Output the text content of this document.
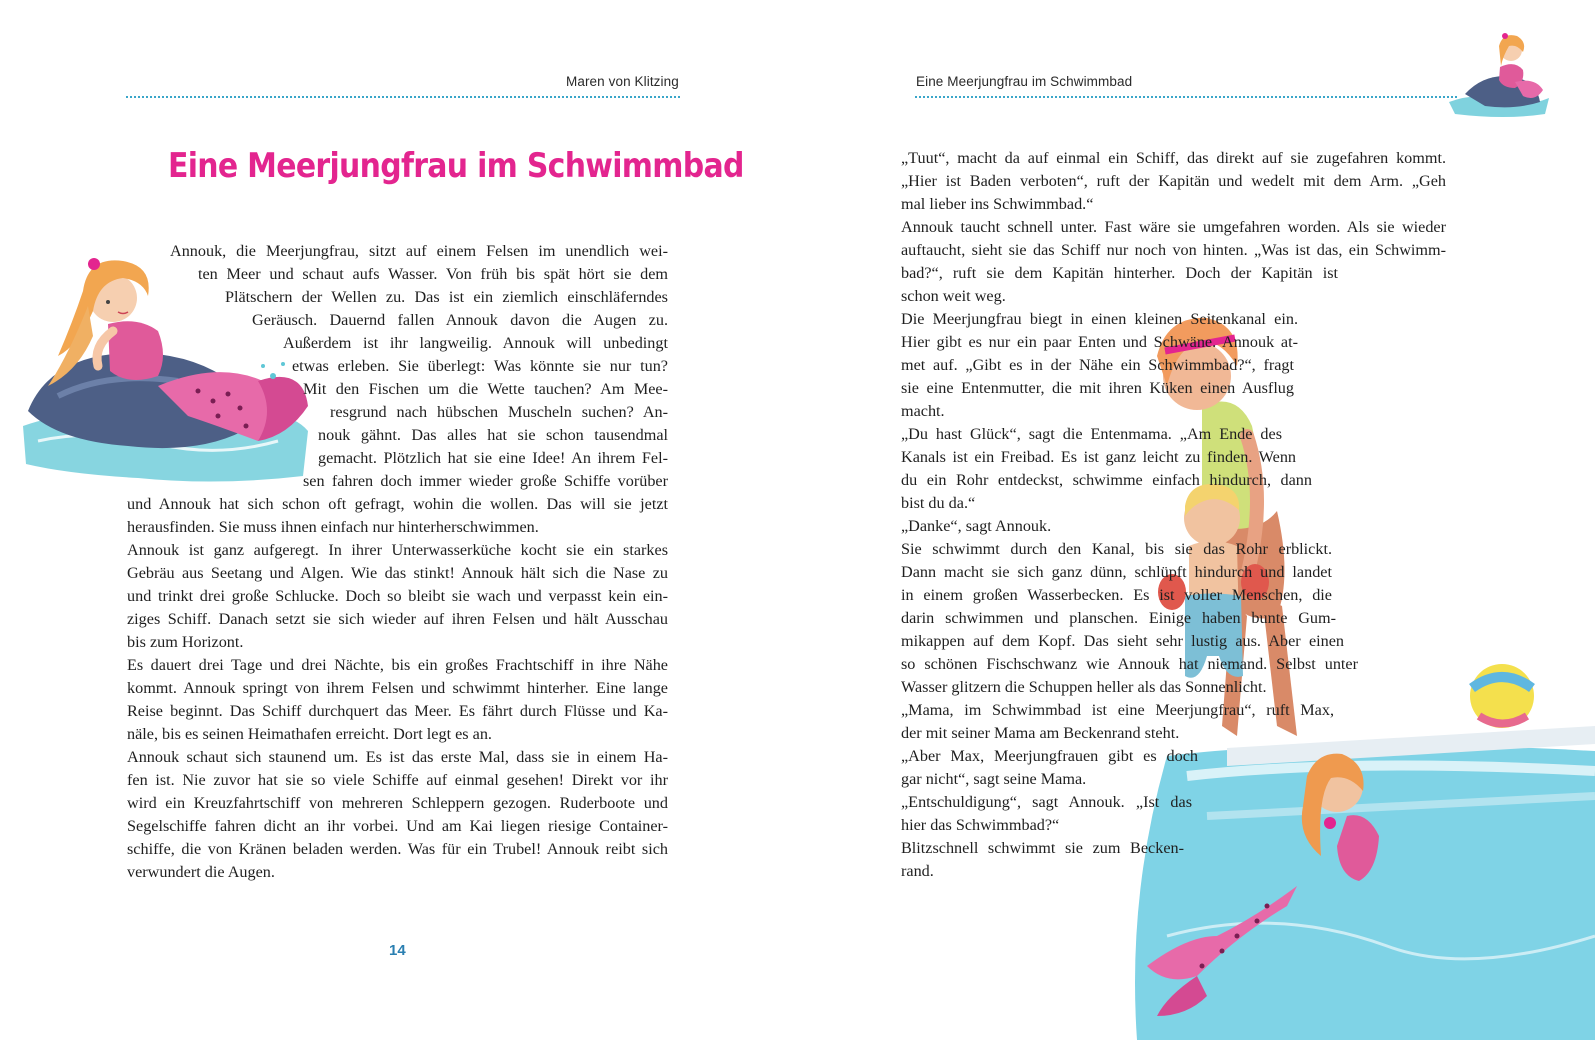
Maren von Klitzing
Eine Meerjungfrau im Schwimmbad
Annouk, die Meerjungfrau, sitzt auf einem Felsen im unendlich wei-
ten Meer und schaut aufs Wasser. Von früh bis spät hört sie dem
Plätschern der Wellen zu. Das ist ein ziemlich einschläferndes
Geräusch. Dauernd fallen Annouk davon die Augen zu.
Außerdem ist ihr langweilig. Annouk will unbedingt
etwas erleben. Sie überlegt: Was könnte sie nur tun?
Mit den Fischen um die Wette tauchen? Am Mee-
resgrund nach hübschen Muscheln suchen? An-
nouk gähnt. Das alles hat sie schon tausendmal
gemacht. Plötzlich hat sie eine Idee! An ihrem Fel-
sen fahren doch immer wieder große Schiffe vorüber
und Annouk hat sich schon oft gefragt, wohin die wollen. Das will sie jetzt
herausfinden. Sie muss ihnen einfach nur hinterherschwimmen.
Annouk ist ganz aufgeregt. In ihrer Unterwasserküche kocht sie ein starkes
Gebräu aus Seetang und Algen. Wie das stinkt! Annouk hält sich die Nase zu
und trinkt drei große Schlucke. Doch so bleibt sie wach und verpasst kein ein-
ziges Schiff. Danach setzt sie sich wieder auf ihren Felsen und hält Ausschau
bis zum Horizont.
Es dauert drei Tage und drei Nächte, bis ein großes Frachtschiff in ihre Nähe
kommt. Annouk springt von ihrem Felsen und schwimmt hinterher. Eine lange
Reise beginnt. Das Schiff durchquert das Meer. Es fährt durch Flüsse und Ka-
näle, bis es seinen Heimathafen erreicht. Dort legt es an.
Annouk schaut sich staunend um. Es ist das erste Mal, dass sie in einem Ha-
fen ist. Nie zuvor hat sie so viele Schiffe auf einmal gesehen! Direkt vor ihr
wird ein Kreuzfahrtschiff von mehreren Schleppern gezogen. Ruderboote und
Segelschiffe fahren dicht an ihr vorbei. Und am Kai liegen riesige Container-
schiffe, die von Kränen beladen werden. Was für ein Trubel! Annouk reibt sich
verwundert die Augen.
14
Eine Meerjungfrau im Schwimmbad
„Tuut“, macht da auf einmal ein Schiff, das direkt auf sie zugefahren kommt.
„Hier ist Baden verboten“, ruft der Kapitän und wedelt mit dem Arm. „Geh
mal lieber ins Schwimmbad.“
Annouk taucht schnell unter. Fast wäre sie umgefahren worden. Als sie wieder
auftaucht, sieht sie das Schiff nur noch von hinten. „Was ist das, ein Schwimm-
bad?“, ruft sie dem Kapitän hinterher. Doch der Kapitän ist
schon weit weg.
Die Meerjungfrau biegt in einen kleinen Seitenkanal ein.
Hier gibt es nur ein paar Enten und Schwäne. Annouk at-
met auf. „Gibt es in der Nähe ein Schwimmbad?“, fragt
sie eine Entenmutter, die mit ihren Küken einen Ausflug
macht.
„Du hast Glück“, sagt die Entenmama. „Am Ende des
Kanals ist ein Freibad. Es ist ganz leicht zu finden. Wenn
du ein Rohr entdeckst, schwimme einfach hindurch, dann
bist du da.“
„Danke“, sagt Annouk.
Sie schwimmt durch den Kanal, bis sie das Rohr erblickt.
Dann macht sie sich ganz dünn, schlüpft hindurch und landet
in einem großen Wasserbecken. Es ist voller Menschen, die
darin schwimmen und planschen. Einige haben bunte Gum-
mikappen auf dem Kopf. Das sieht sehr lustig aus. Aber einen
so schönen Fischschwanz wie Annouk hat niemand. Selbst unter
Wasser glitzern die Schuppen heller als das Sonnenlicht.
„Mama, im Schwimmbad ist eine Meerjungfrau“, ruft Max,
der mit seiner Mama am Beckenrand steht.
„Aber Max, Meerjungfrauen gibt es doch
gar nicht“, sagt seine Mama.
„Entschuldigung“, sagt Annouk. „Ist das
hier das Schwimmbad?“
Blitzschnell schwimmt sie zum Becken-
rand.
